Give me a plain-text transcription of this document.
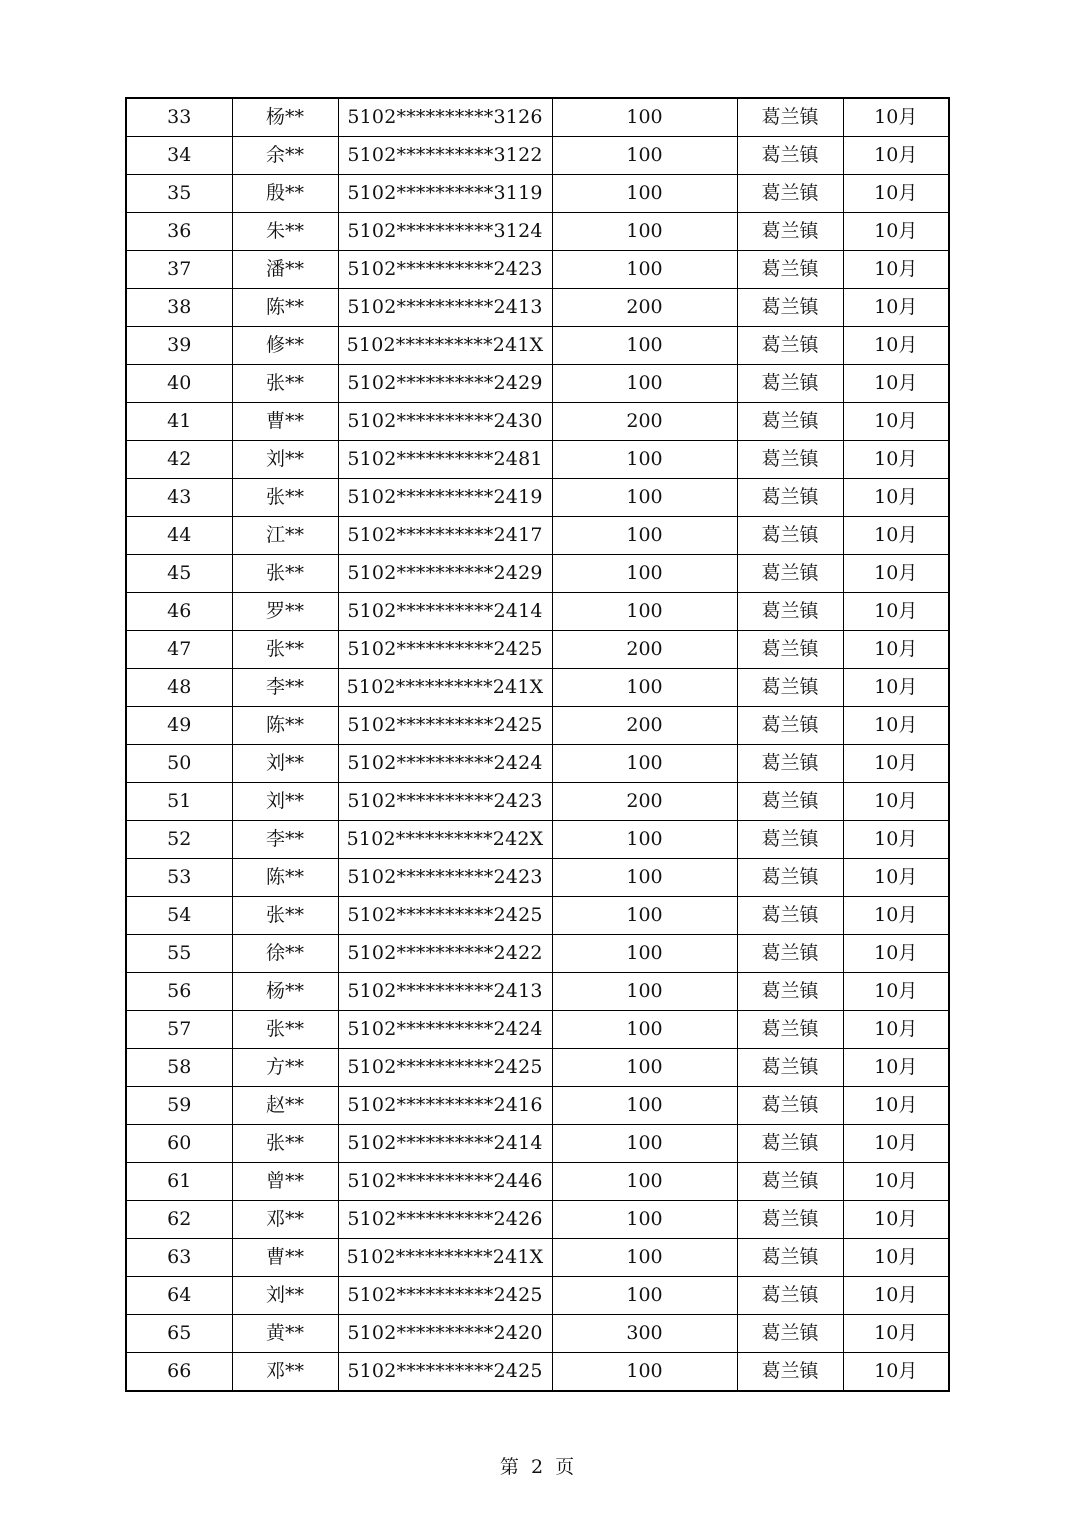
33	杨**	5102**********3126	100	葛兰镇	10月
34	余**	5102**********3122	100	葛兰镇	10月
35	殷**	5102**********3119	100	葛兰镇	10月
36	朱**	5102**********3124	100	葛兰镇	10月
37	潘**	5102**********2423	100	葛兰镇	10月
38	陈**	5102**********2413	200	葛兰镇	10月
39	修**	5102**********241X	100	葛兰镇	10月
40	张**	5102**********2429	100	葛兰镇	10月
41	曹**	5102**********2430	200	葛兰镇	10月
42	刘**	5102**********2481	100	葛兰镇	10月
43	张**	5102**********2419	100	葛兰镇	10月
44	江**	5102**********2417	100	葛兰镇	10月
45	张**	5102**********2429	100	葛兰镇	10月
46	罗**	5102**********2414	100	葛兰镇	10月
47	张**	5102**********2425	200	葛兰镇	10月
48	李**	5102**********241X	100	葛兰镇	10月
49	陈**	5102**********2425	200	葛兰镇	10月
50	刘**	5102**********2424	100	葛兰镇	10月
51	刘**	5102**********2423	200	葛兰镇	10月
52	李**	5102**********242X	100	葛兰镇	10月
53	陈**	5102**********2423	100	葛兰镇	10月
54	张**	5102**********2425	100	葛兰镇	10月
55	徐**	5102**********2422	100	葛兰镇	10月
56	杨**	5102**********2413	100	葛兰镇	10月
57	张**	5102**********2424	100	葛兰镇	10月
58	方**	5102**********2425	100	葛兰镇	10月
59	赵**	5102**********2416	100	葛兰镇	10月
60	张**	5102**********2414	100	葛兰镇	10月
61	曾**	5102**********2446	100	葛兰镇	10月
62	邓**	5102**********2426	100	葛兰镇	10月
63	曹**	5102**********241X	100	葛兰镇	10月
64	刘**	5102**********2425	100	葛兰镇	10月
65	黄**	5102**********2420	300	葛兰镇	10月
66	邓**	5102**********2425	100	葛兰镇	10月
第 2 页
